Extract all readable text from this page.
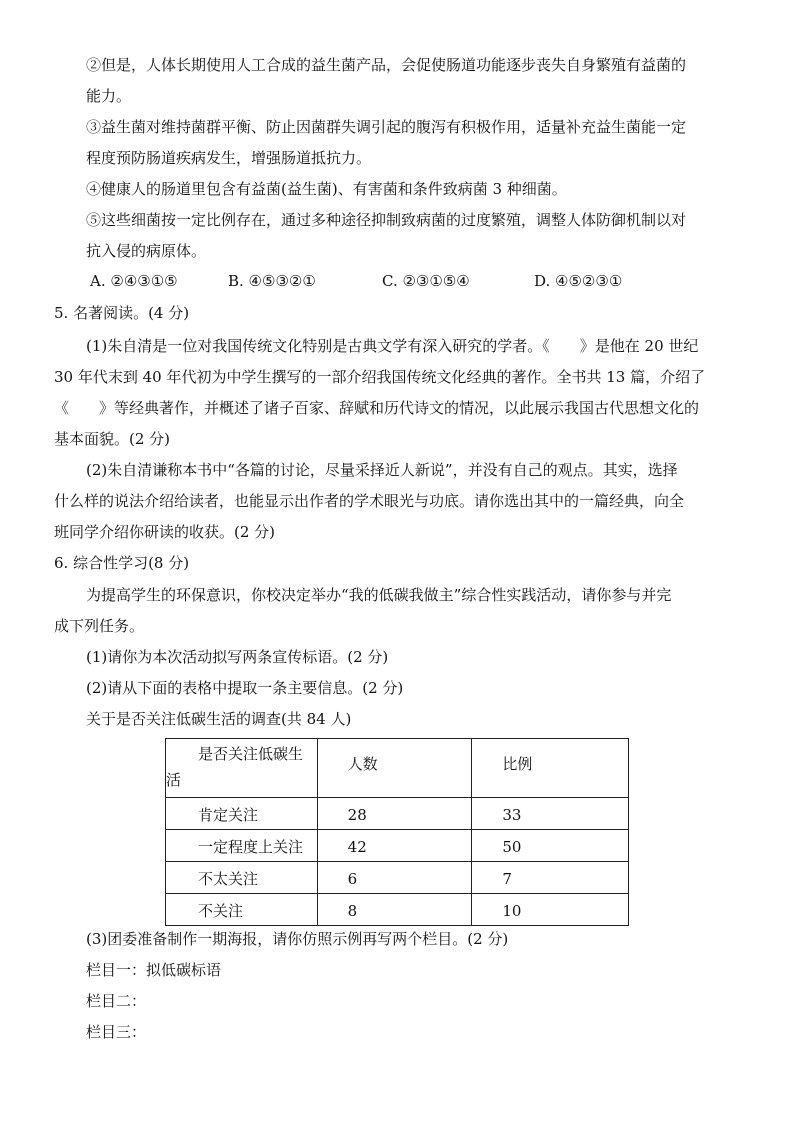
②但是，人体长期使用人工合成的益生菌产品，会促使肠道功能逐步丧失自身繁殖有益菌的
能力。
③益生菌对维持菌群平衡、防止因菌群失调引起的腹泻有积极作用，适量补充益生菌能一定
程度预防肠道疾病发生，增强肠道抵抗力。
④健康人的肠道里包含有益菌(益生菌)、有害菌和条件致病菌 3 种细菌。
⑤这些细菌按一定比例存在，通过多种途径抑制致病菌的过度繁殖，调整人体防御机制以对
抗入侵的病原体。
A. ②④③①⑤	B. ④⑤③②①	C. ②③①⑤④	D. ④⑤②③①
5. 名著阅读。(4 分)
(1)朱自清是一位对我国传统文化特别是古典文学有深入研究的学者。《　　》是他在 20 世纪
30 年代末到 40 年代初为中学生撰写的一部介绍我国传统文化经典的著作。全书共 13 篇，介绍了
《　　》等经典著作，并概述了诸子百家、辞赋和历代诗文的情况，以此展示我国古代思想文化的
基本面貌。(2 分)
(2)朱自清谦称本书中“各篇的讨论，尽量采择近人新说”，并没有自己的观点。其实，选择
什么样的说法介绍给读者，也能显示出作者的学术眼光与功底。请你选出其中的一篇经典，向全
班同学介绍你研读的收获。(2 分)
6. 综合性学习(8 分)
为提高学生的环保意识，你校决定举办“我的低碳我做主”综合性实践活动，请你参与并完
成下列任务。
(1)请你为本次活动拟写两条宣传标语。(2 分)
(2)请从下面的表格中提取一条主要信息。(2 分)
关于是否关注低碳生活的调查(共 84 人)
是否关注低碳生
活	人数	比例

肯定关注	28	33

一定程度上关注	42	50

不太关注	6	7

不关注	8	10
(3)团委准备制作一期海报，请你仿照示例再写两个栏目。(2 分)
栏目一：拟低碳标语
栏目二：
栏目三：
